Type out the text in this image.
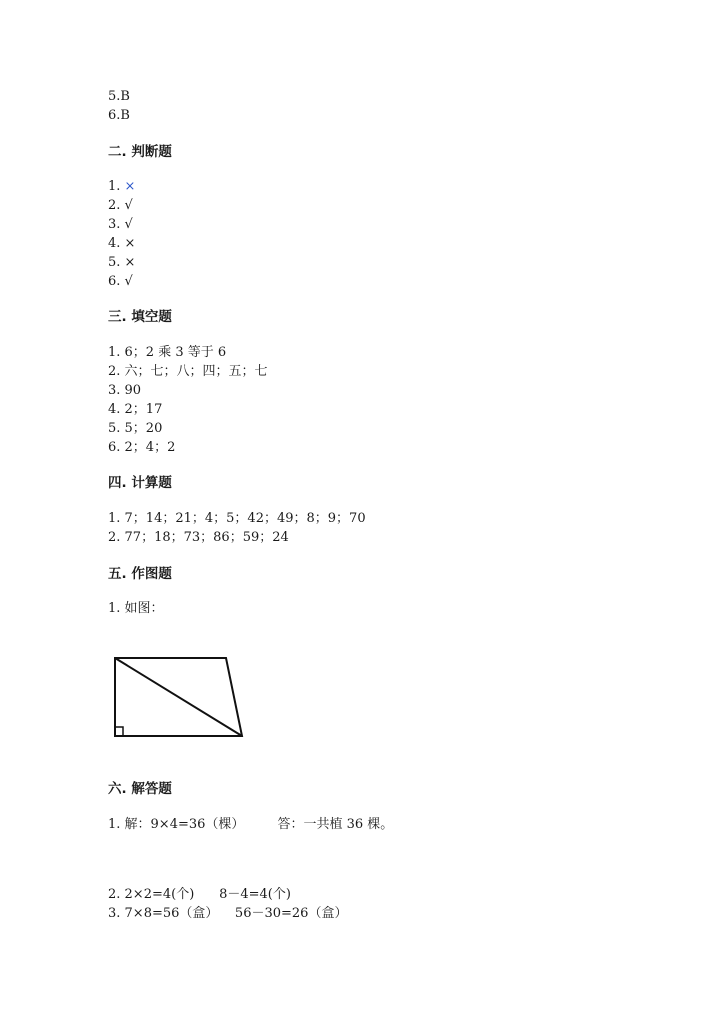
5.B
6.B
二. 判断题
1. ×
2. √
3. √
4. ×
5. ×
6. √
三. 填空题
1. 6；2 乘 3 等于 6
2. 六；七；八；四；五；七
3. 90
4. 2；17
5. 5；20
6. 2；4；2
四. 计算题
1. 7；14；21；4；5；42；49；8；9；70
2. 77；18；73；86；59；24
五. 作图题
1. 如图：
六. 解答题
1. 解：9×4=36（棵）        答：一共植 36 棵。
2. 2×2=4(个)      8－4=4(个)
3. 7×8=56（盒）    56－30=26（盒）
